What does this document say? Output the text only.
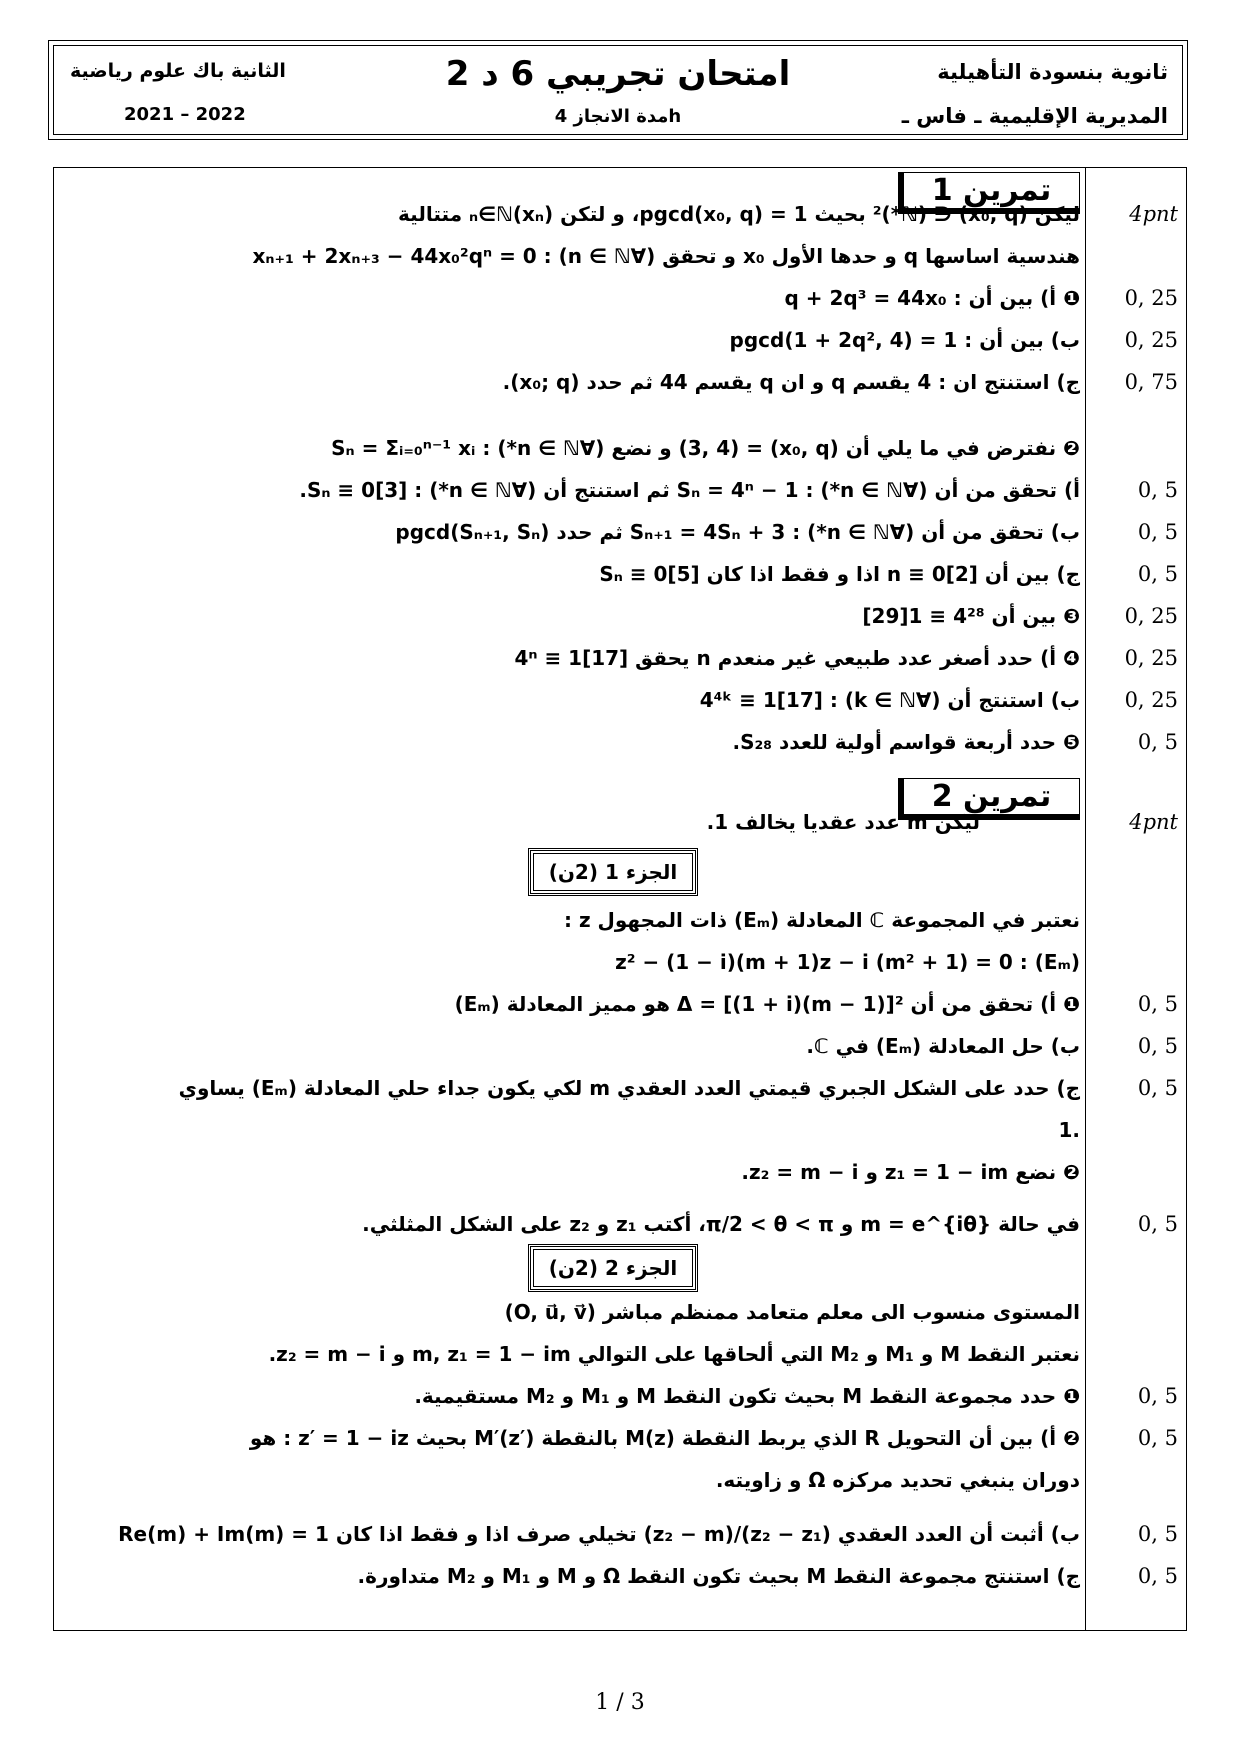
ثانوية بنسودة التأهيلية
المديرية الإقليمية ـ فاس ـ
امتحان تجريبي 6 د 2
مدة الانجاز 4h
الثانية باك علوم رياضية
2021 – 2022
تمرين 1
4pnt
ليكن (x₀, q) ∈ (ℕ*)² بحيث pgcd(x₀, q) = 1، و لتكن (xₙ)ₙ∈ℕ متتالية
هندسية اساسها q و حدها الأول x₀ و تحقق (∀n ∈ ℕ) : xₙ₊₁ + 2xₙ₊₃ − 44x₀²qⁿ = 0
❶ أ) بين أن : q + 2q³ = 44x₀	0, 25
ب) بين أن : pgcd(1 + 2q², 4) = 1	0, 25
ج) استنتج ان : 4 يقسم q و ان q يقسم 44 ثم حدد (x₀; q).	0, 75
❷ نفترض في ما يلي أن (x₀, q) = (3, 4) و نضع (∀n ∈ ℕ*) : Sₙ = Σᵢ₌₀ⁿ⁻¹ xᵢ
أ) تحقق من أن (∀n ∈ ℕ*) : Sₙ = 4ⁿ − 1 ثم استنتج أن (∀n ∈ ℕ*) : Sₙ ≡ 0[3].	0, 5
ب) تحقق من أن (∀n ∈ ℕ*) : Sₙ₊₁ = 4Sₙ + 3 ثم حدد pgcd(Sₙ₊₁, Sₙ)	0, 5
ج) بين أن n ≡ 0[2] اذا و فقط اذا كان Sₙ ≡ 0[5]	0, 5
❸ بين أن 4²⁸ ≡ 1[29]	0, 25
❹ أ) حدد أصغر عدد طبيعي غير منعدم n يحقق 4ⁿ ≡ 1[17]	0, 25
ب) استنتج أن (∀k ∈ ℕ) : 4⁴ᵏ ≡ 1[17]	0, 25
❺ حدد أربعة قواسم أولية للعدد S₂₈.	0, 5
تمرين 2
4pnt
ليكن m عدد عقديا يخالف 1.
الجزء 1 (2ن)
نعتبر في المجموعة ℂ المعادلة (Eₘ) ذات المجهول z :
(Eₘ) : z² − (1 − i)(m + 1)z − i (m² + 1) = 0
❶ أ) تحقق من أن Δ = [(1 + i)(m − 1)]² هو مميز المعادلة (Eₘ)	0, 5
ب) حل المعادلة (Eₘ) في ℂ.	0, 5
ج) حدد على الشكل الجبري قيمتي العدد العقدي m لكي يكون جداء حلي المعادلة (Eₘ) يساوي	0, 5
.1
❷ نضع z₁ = 1 − im و z₂ = m − i.
في حالة m = e^{iθ} و π/2 < θ < π، أكتب z₁ و z₂ على الشكل المثلثي.	0, 5
الجزء 2 (2ن)
المستوى منسوب الى معلم متعامد ممنظم مباشر (O, u⃗, v⃗)
نعتبر النقط M و M₁ و M₂ التي ألحاقها على التوالي m, z₁ = 1 − im و z₂ = m − i.
❶ حدد مجموعة النقط M بحيث تكون النقط M و M₁ و M₂ مستقيمية.	0, 5
❷ أ) بين أن التحويل R الذي يربط النقطة M(z) بالنقطة M′(z′) بحيث z′ = 1 − iz : هو	0, 5
دوران ينبغي تحديد مركزه Ω و زاويته.
ب) أثبت أن العدد العقدي (z₂ − z₁)/(z₂ − m) تخيلي صرف اذا و فقط اذا كان Re(m) + Im(m) = 1	0, 5
ج) استنتج مجموعة النقط M بحيث تكون النقط Ω و M و M₁ و M₂ متداورة.	0, 5
1 / 3
